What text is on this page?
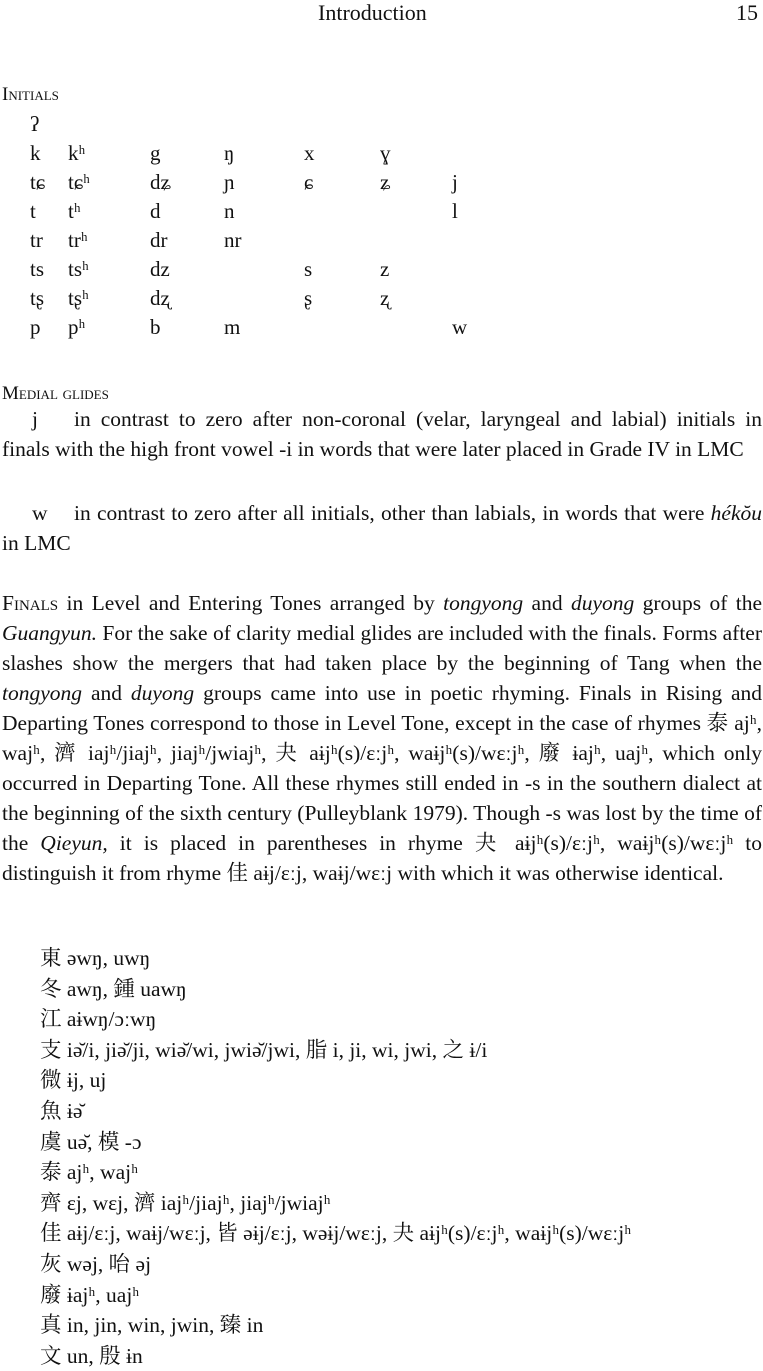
Introduction	15
Initials
ʔ						
k	kʰ	g	ŋ	x	ɣ	
tɕ	tɕʰ	dʑ	ɲ	ɕ	ʑ	j
t	tʰ	d	n			l
tr	trʰ	dr	nr			
ts	tsʰ	dz		s	z	
tʂ	tʂʰ	dʐ		ʂ	ʐ	
p	pʰ	b	m			w
Medial glides

j in contrast to zero after non-coronal (velar, laryngeal and labial) initials in finals with the high front vowel -i in words that were later placed in Grade IV in LMC

w in contrast to zero after all initials, other than labials, in words that were hékŏu in LMC

Finals in Level and Entering Tones arranged by tongyong and duyong groups of the Guangyun. For the sake of clarity medial glides are included with the finals. Forms after slashes show the mergers that had taken place by the beginning of Tang when the tongyong and duyong groups came into use in poetic rhyming. Finals in Rising and Departing Tones correspond to those in Level Tone, except in the case of rhymes 泰 ajʰ, wajʰ, 濟 iajʰ/jiajʰ, jiajʰ/jwiajʰ, 夬 aɨjʰ(s)/ɛːjʰ, waɨjʰ(s)/wɛːjʰ, 廢 ɨajʰ, uajʰ, which only occurred in Departing Tone. All these rhymes still ended in -s in the southern dialect at the beginning of the sixth century (Pulleyblank 1979). Though -s was lost by the time of the Qieyun, it is placed in parentheses in rhyme 夬 aɨjʰ(s)/ɛːjʰ, waɨjʰ(s)/wɛːjʰ to distinguish it from rhyme 佳 aɨj/ɛːj, waɨj/wɛːj with which it was otherwise identical.

東 əwŋ, uwŋ
冬 awŋ, 鍾 uawŋ
江 aɨwŋ/ɔːwŋ
支 iə̆/i, jiə̆/ji, wiə̆/wi, jwiə̆/jwi, 脂 i, ji, wi, jwi, 之 ɨ/i
微 ɨj, uj
魚 ɨə̆
虞 uə̆, 模 -ɔ
泰 ajʰ, wajʰ
齊 ɛj, wɛj, 濟 iajʰ/jiajʰ, jiajʰ/jwiajʰ
佳 aɨj/ɛːj, waɨj/wɛːj, 皆 əɨj/ɛːj, wəɨj/wɛːj, 夬 aɨjʰ(s)/ɛːjʰ, waɨjʰ(s)/wɛːjʰ
灰 wəj, 咍 əj
廢 ɨajʰ, uajʰ
真 in, jin, win, jwin, 臻 in
文 un, 殷 ɨn
